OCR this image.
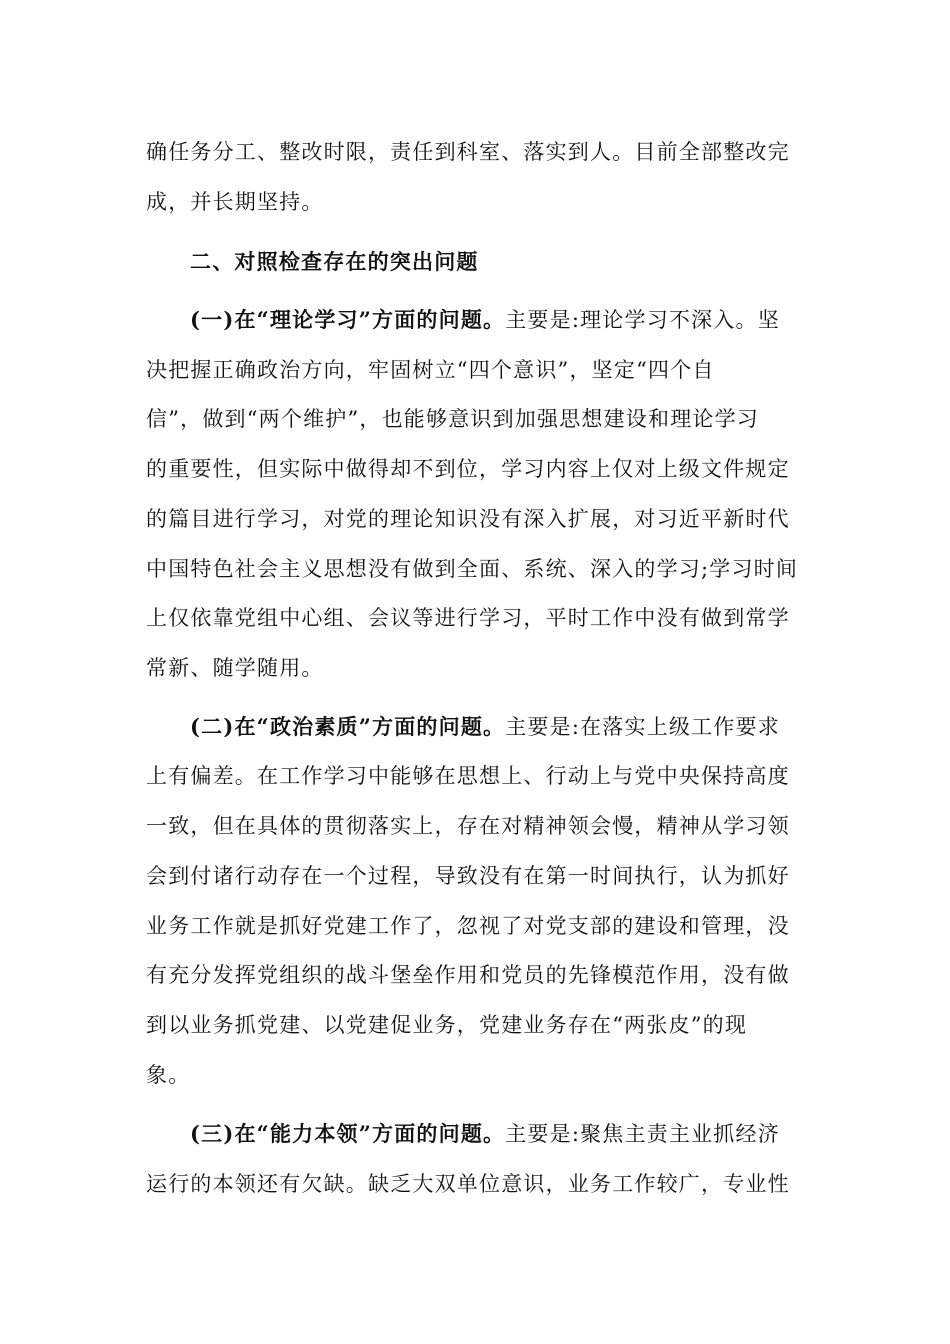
确任务分工、整改时限，责任到科室、落实到人。目前全部整改完
成，并长期坚持。
二、对照检查存在的突出问题
(一)在“理论学习”方面的问题。主要是:理论学习不深入。坚
决把握正确政治方向，牢固树立“四个意识”，坚定“四个自
信”，做到“两个维护”，也能够意识到加强思想建设和理论学习
的重要性，但实际中做得却不到位，学习内容上仅对上级文件规定
的篇目进行学习，对党的理论知识没有深入扩展，对习近平新时代
中国特色社会主义思想没有做到全面、系统、深入的学习;学习时间
上仅依靠党组中心组、会议等进行学习，平时工作中没有做到常学
常新、随学随用。
(二)在“政治素质”方面的问题。主要是:在落实上级工作要求
上有偏差。在工作学习中能够在思想上、行动上与党中央保持高度
一致，但在具体的贯彻落实上，存在对精神领会慢，精神从学习领
会到付诸行动存在一个过程，导致没有在第一时间执行，认为抓好
业务工作就是抓好党建工作了，忽视了对党支部的建设和管理，没
有充分发挥党组织的战斗堡垒作用和党员的先锋模范作用，没有做
到以业务抓党建、以党建促业务，党建业务存在“两张皮”的现
象。
(三)在“能力本领”方面的问题。主要是:聚焦主责主业抓经济
运行的本领还有欠缺。缺乏大双单位意识，业务工作较广，专业性
